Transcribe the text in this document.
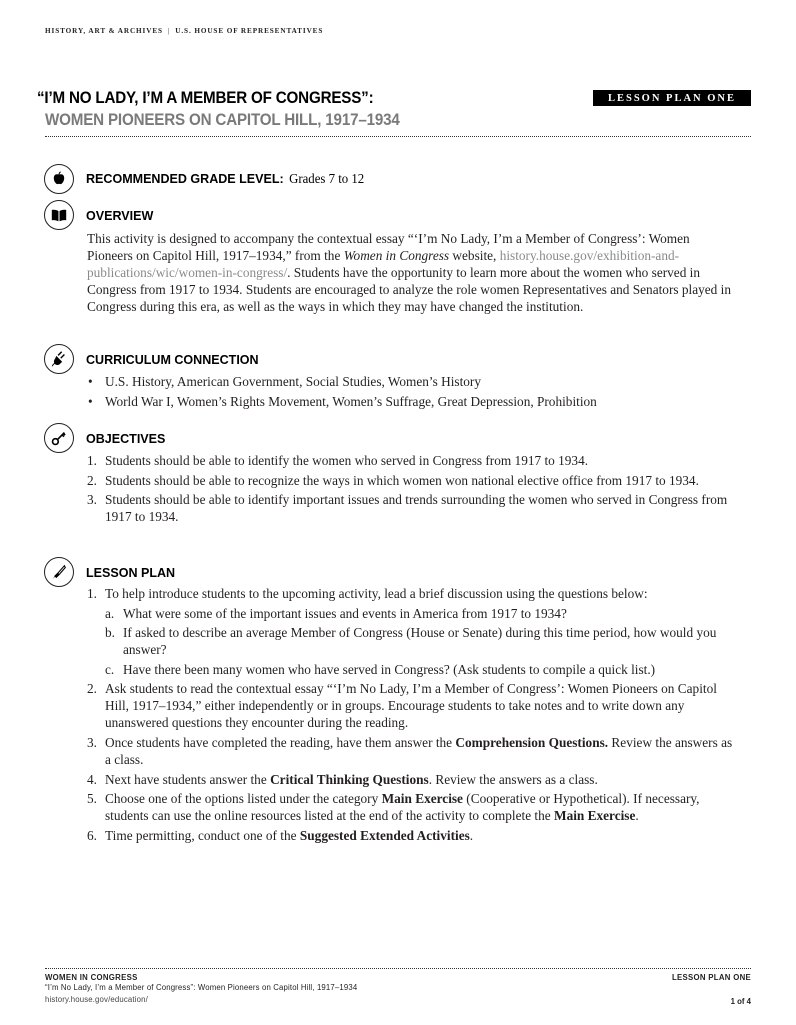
HISTORY, ART & ARCHIVES | U.S. HOUSE OF REPRESENTATIVES
“I’M NO LADY, I’M A MEMBER OF CONGRESS”:
WOMEN PIONEERS ON CAPITOL HILL, 1917–1934
LESSON PLAN ONE
RECOMMENDED GRADE LEVEL: Grades 7 to 12
OVERVIEW
This activity is designed to accompany the contextual essay “‘I’m No Lady, I’m a Member of Congress’: Women Pioneers on Capitol Hill, 1917–1934,” from the Women in Congress website, history.house.gov/exhibition-and-publications/wic/women-in-congress/. Students have the opportunity to learn more about the women who served in Congress from 1917 to 1934. Students are encouraged to analyze the role women Representatives and Senators played in Congress during this era, as well as the ways in which they may have changed the institution.
CURRICULUM CONNECTION
• U.S. History, American Government, Social Studies, Women’s History
• World War I, Women’s Rights Movement, Women’s Suffrage, Great Depression, Prohibition
OBJECTIVES
1. Students should be able to identify the women who served in Congress from 1917 to 1934.
2. Students should be able to recognize the ways in which women won national elective office from 1917 to 1934.
3. Students should be able to identify important issues and trends surrounding the women who served in Congress from 1917 to 1934.
LESSON PLAN
1. To help introduce students to the upcoming activity, lead a brief discussion using the questions below:
a. What were some of the important issues and events in America from 1917 to 1934?
b. If asked to describe an average Member of Congress (House or Senate) during this time period, how would you answer?
c. Have there been many women who have served in Congress? (Ask students to compile a quick list.)
2. Ask students to read the contextual essay “‘I’m No Lady, I’m a Member of Congress’: Women Pioneers on Capitol Hill, 1917–1934,” either independently or in groups. Encourage students to take notes and to write down any unanswered questions they encounter during the reading.
3. Once students have completed the reading, have them answer the Comprehension Questions. Review the answers as a class.
4. Next have students answer the Critical Thinking Questions. Review the answers as a class.
5. Choose one of the options listed under the category Main Exercise (Cooperative or Hypothetical). If necessary, students can use the online resources listed at the end of the activity to complete the Main Exercise.
6. Time permitting, conduct one of the Suggested Extended Activities.
WOMEN IN CONGRESS
“I’m No Lady, I’m a Member of Congress”: Women Pioneers on Capitol Hill, 1917–1934
history.house.gov/education/
LESSON PLAN ONE
1 of 4
